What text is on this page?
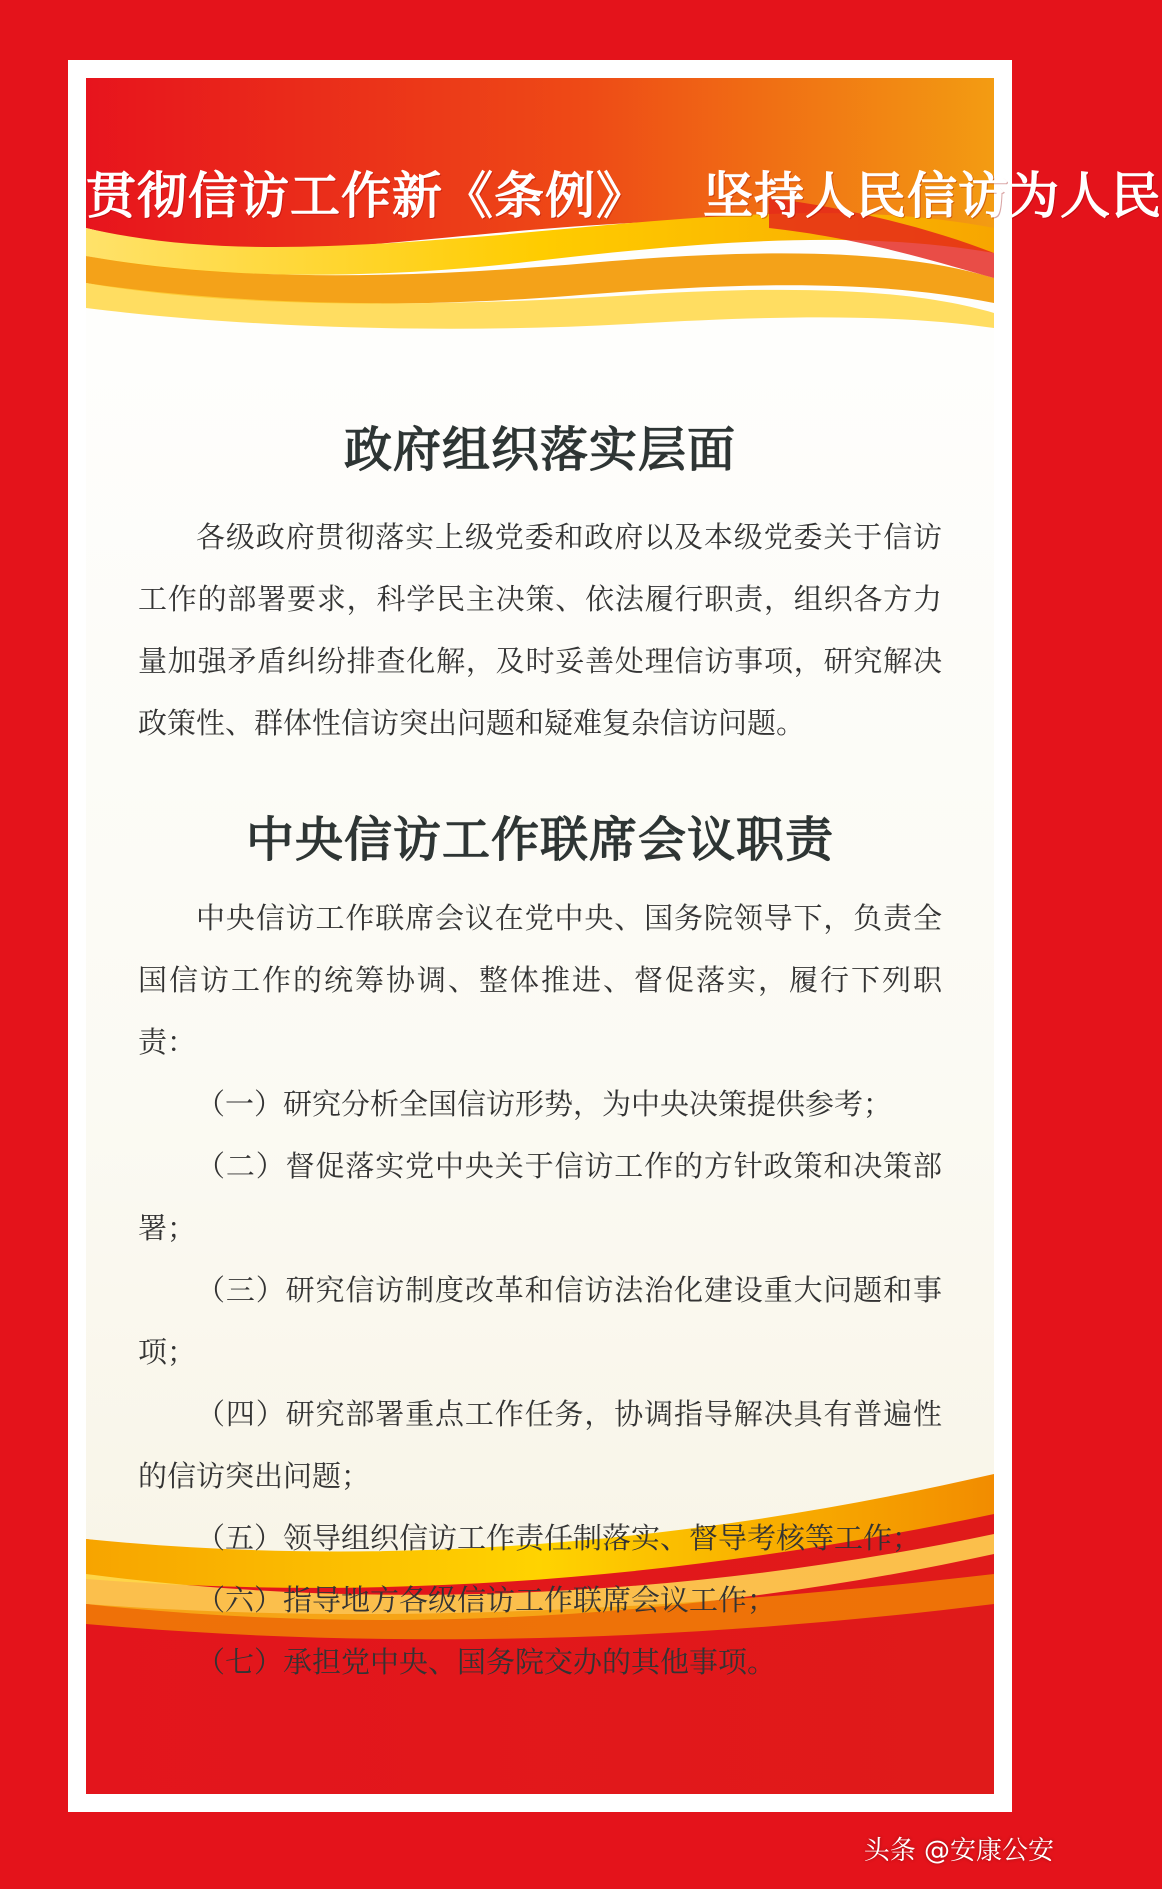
贯彻信访工作新《条例》 坚持人民信访为人民
政府组织落实层面

各级政府贯彻落实上级党委和政府以及本级党委关于信访工作的部署要求，科学民主决策、依法履行职责，组织各方力量加强矛盾纠纷排查化解，及时妥善处理信访事项，研究解决政策性、群体性信访突出问题和疑难复杂信访问题。

中央信访工作联席会议职责

中央信访工作联席会议在党中央、国务院领导下，负责全国信访工作的统筹协调、整体推进、督促落实，履行下列职责：

（一）研究分析全国信访形势，为中央决策提供参考；

（二）督促落实党中央关于信访工作的方针政策和决策部署；

（三）研究信访制度改革和信访法治化建设重大问题和事项；

（四）研究部署重点工作任务，协调指导解决具有普遍性的信访突出问题；

（五）领导组织信访工作责任制落实、督导考核等工作；

（六）指导地方各级信访工作联席会议工作；

（七）承担党中央、国务院交办的其他事项。

头条 @安康公安
